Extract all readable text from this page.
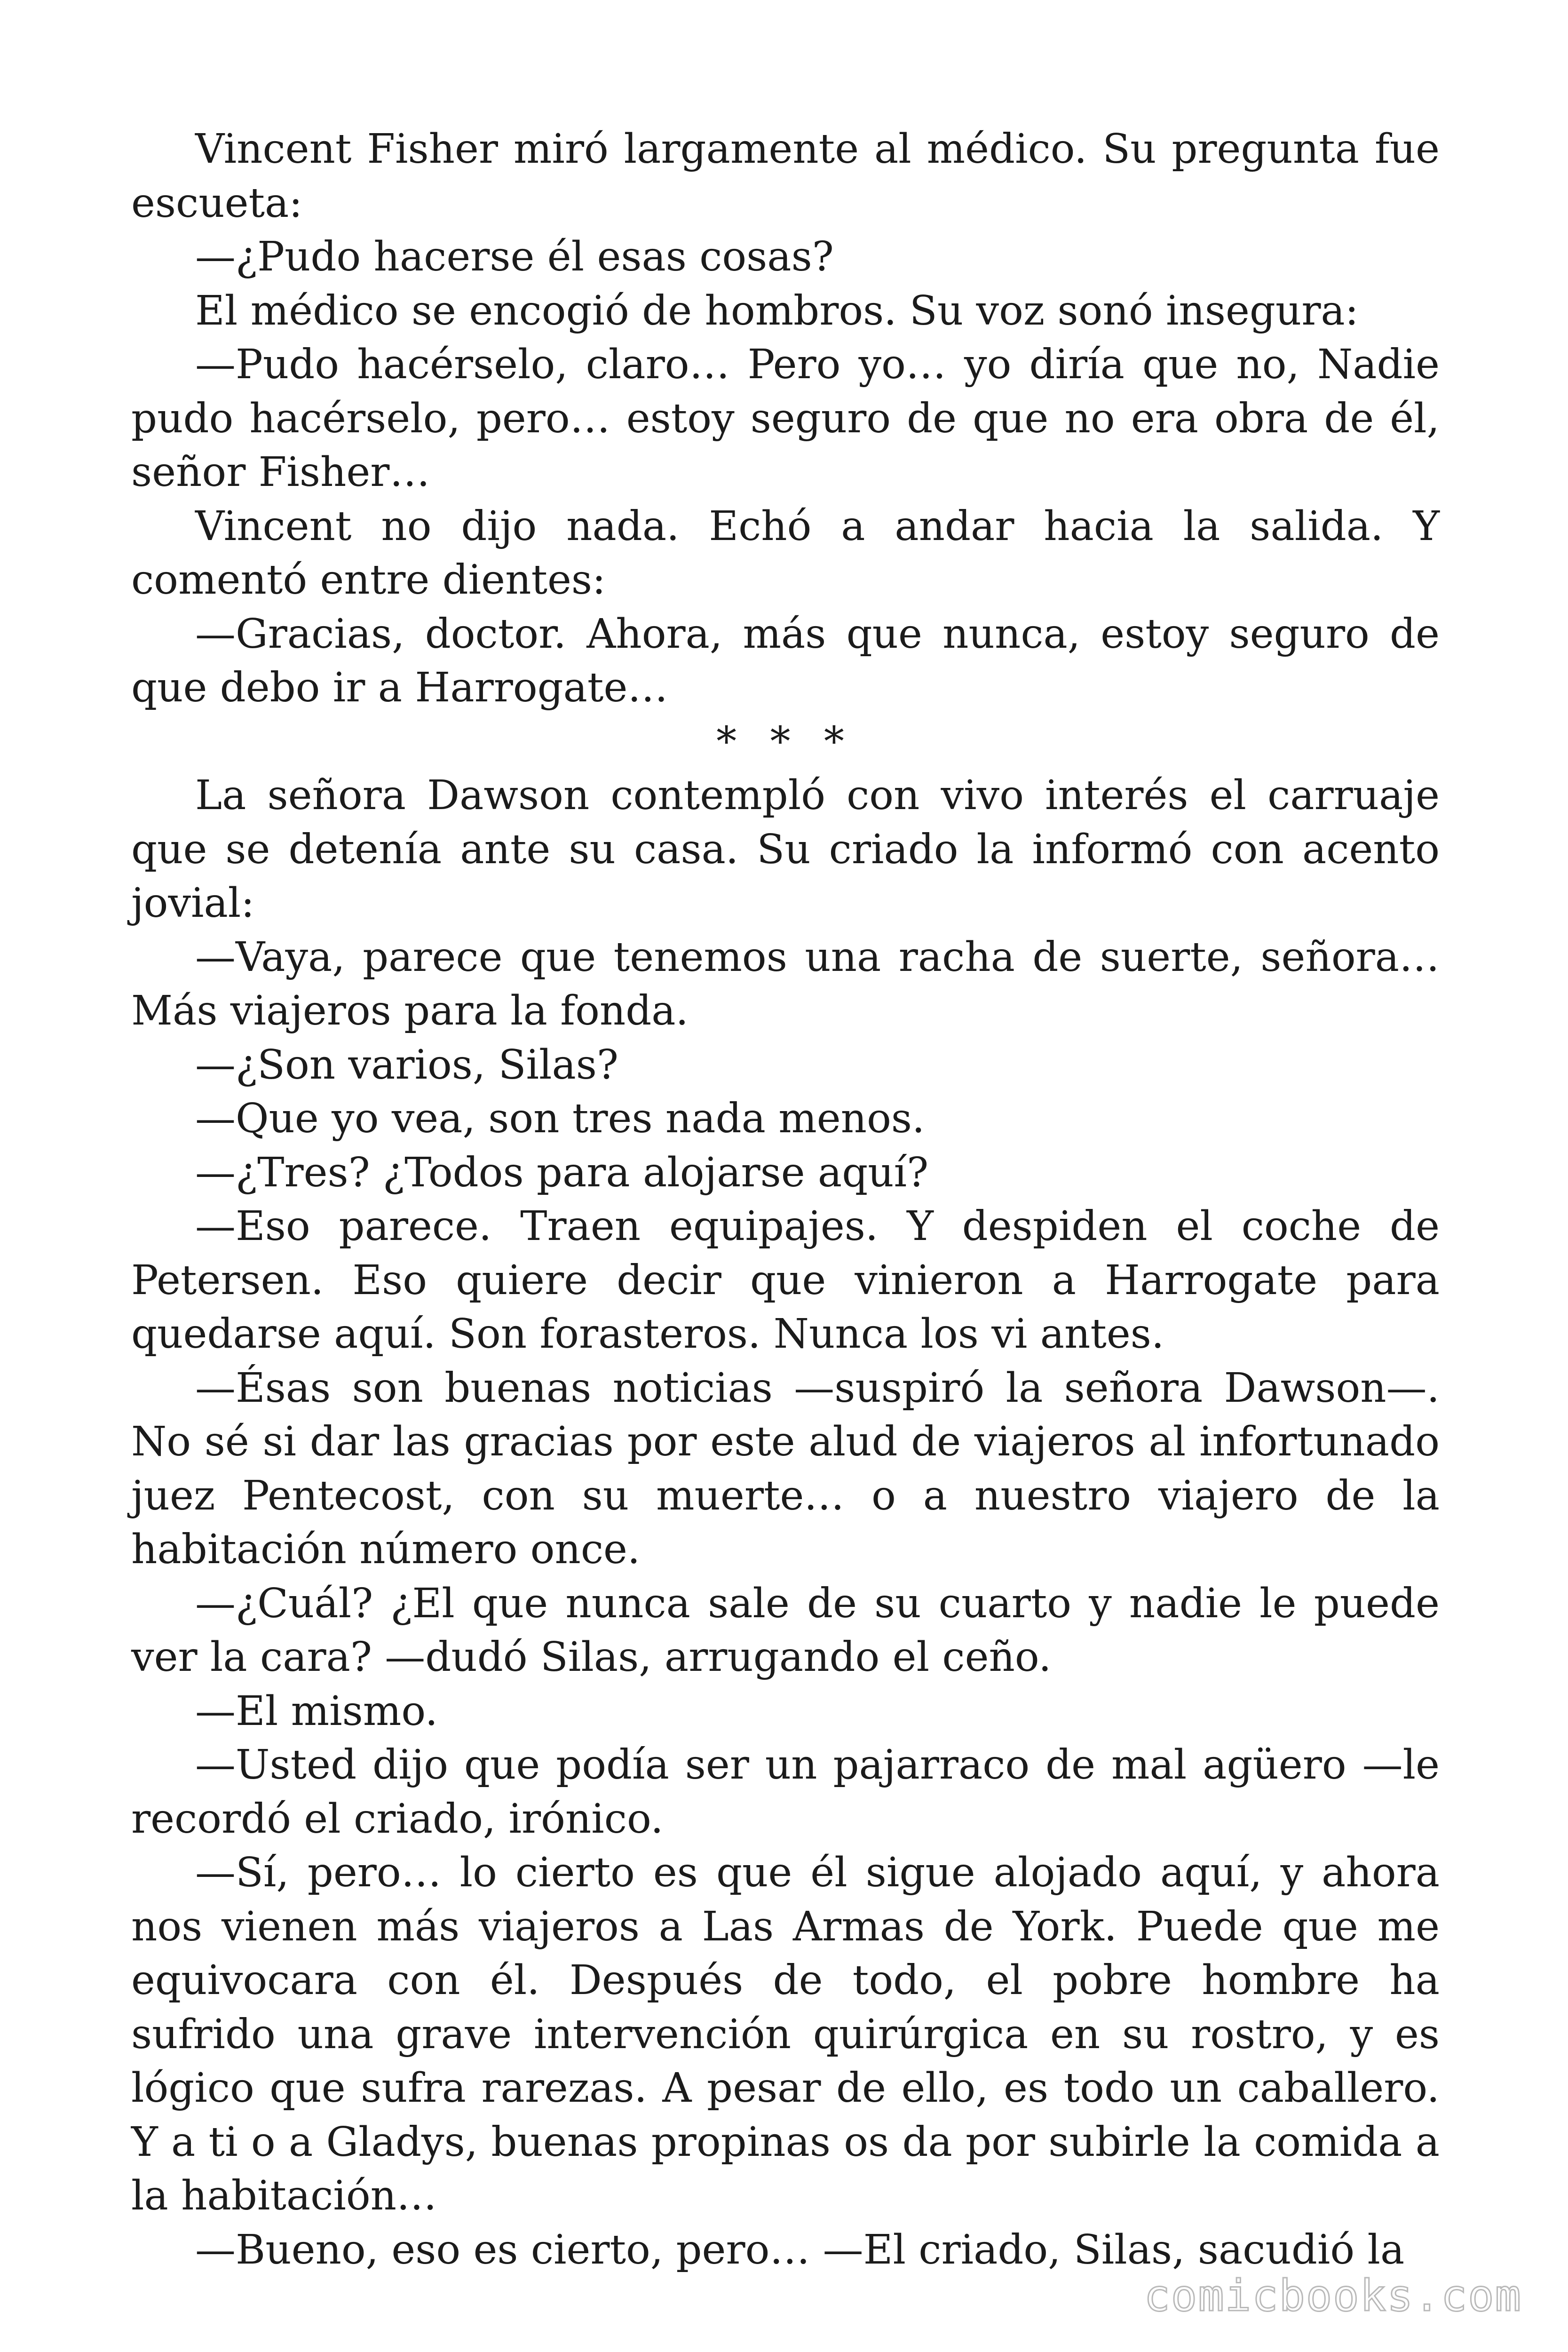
Vincent Fisher miró largamente al médico. Su pregunta fue escueta:

—¿Pudo hacerse él esas cosas?

El médico se encogió de hombros. Su voz sonó insegura:

—Pudo hacérselo, claro… Pero yo… yo diría que no, Nadie pudo hacérselo, pero… estoy seguro de que no era obra de él, señor Fisher…

Vincent no dijo nada. Echó a andar hacia la salida. Y comentó entre dientes:

—Gracias, doctor. Ahora, más que nunca, estoy seguro de que debo ir a Harrogate…

* * *

La señora Dawson contempló con vivo interés el carruaje que se detenía ante su casa. Su criado la informó con acento jovial:

—Vaya, parece que tenemos una racha de suerte, señora… Más viajeros para la fonda.

—¿Son varios, Silas?

—Que yo vea, son tres nada menos.

—¿Tres? ¿Todos para alojarse aquí?

—Eso parece. Traen equipajes. Y despiden el coche de Petersen. Eso quiere decir que vinieron a Harrogate para quedarse aquí. Son forasteros. Nunca los vi antes.

—Ésas son buenas noticias —suspiró la señora Dawson—. No sé si dar las gracias por este alud de viajeros al infortunado juez Pentecost, con su muerte… o a nuestro viajero de la habitación número once.

—¿Cuál? ¿El que nunca sale de su cuarto y nadie le puede ver la cara? —dudó Silas, arrugando el ceño.

—El mismo.

—Usted dijo que podía ser un pajarraco de mal agüero —le recordó el criado, irónico.

—Sí, pero… lo cierto es que él sigue alojado aquí, y ahora nos vienen más viajeros a Las Armas de York. Puede que me equivocara con él. Después de todo, el pobre hombre ha sufrido una grave intervención quirúrgica en su rostro, y es lógico que sufra rarezas. A pesar de ello, es todo un caballero. Y a ti o a Gladys, buenas propinas os da por subirle la comida a la habitación…

—Bueno, eso es cierto, pero… —El criado, Silas, sacudió la

comicbooks.com
